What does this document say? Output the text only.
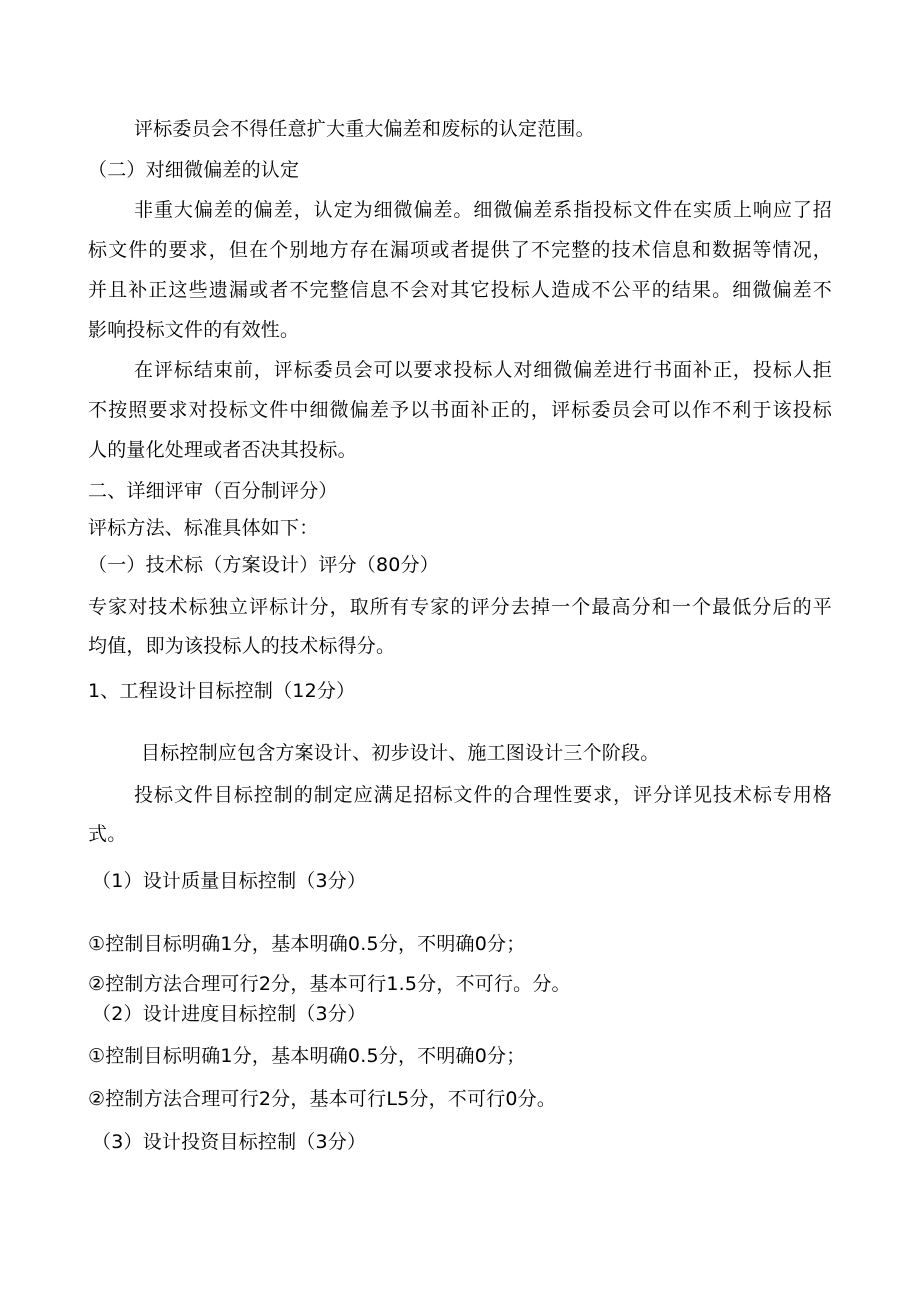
评标委员会不得任意扩大重大偏差和废标的认定范围。
（二）对细微偏差的认定
非重大偏差的偏差，认定为细微偏差。细微偏差系指投标文件在实质上响应了招
标文件的要求，但在个别地方存在漏项或者提供了不完整的技术信息和数据等情况，
并且补正这些遗漏或者不完整信息不会对其它投标人造成不公平的结果。细微偏差不
影响投标文件的有效性。
在评标结束前，评标委员会可以要求投标人对细微偏差进行书面补正，投标人拒
不按照要求对投标文件中细微偏差予以书面补正的，评标委员会可以作不利于该投标
人的量化处理或者否决其投标。
二、详细评审（百分制评分）
评标方法、标准具体如下：
（一）技术标（方案设计）评分（80分）
专家对技术标独立评标计分，取所有专家的评分去掉一个最高分和一个最低分后的平
均值，即为该投标人的技术标得分。
1、工程设计目标控制（12分）
目标控制应包含方案设计、初步设计、施工图设计三个阶段。
投标文件目标控制的制定应满足招标文件的合理性要求，评分详见技术标专用格
式。
（1）设计质量目标控制（3分）
①控制目标明确1分，基本明确0.5分，不明确0分；
②控制方法合理可行2分，基本可行1.5分，不可行。分。
（2）设计进度目标控制（3分）
①控制目标明确1分，基本明确0.5分，不明确0分；
②控制方法合理可行2分，基本可行L5分，不可行0分。
（3）设计投资目标控制（3分）
